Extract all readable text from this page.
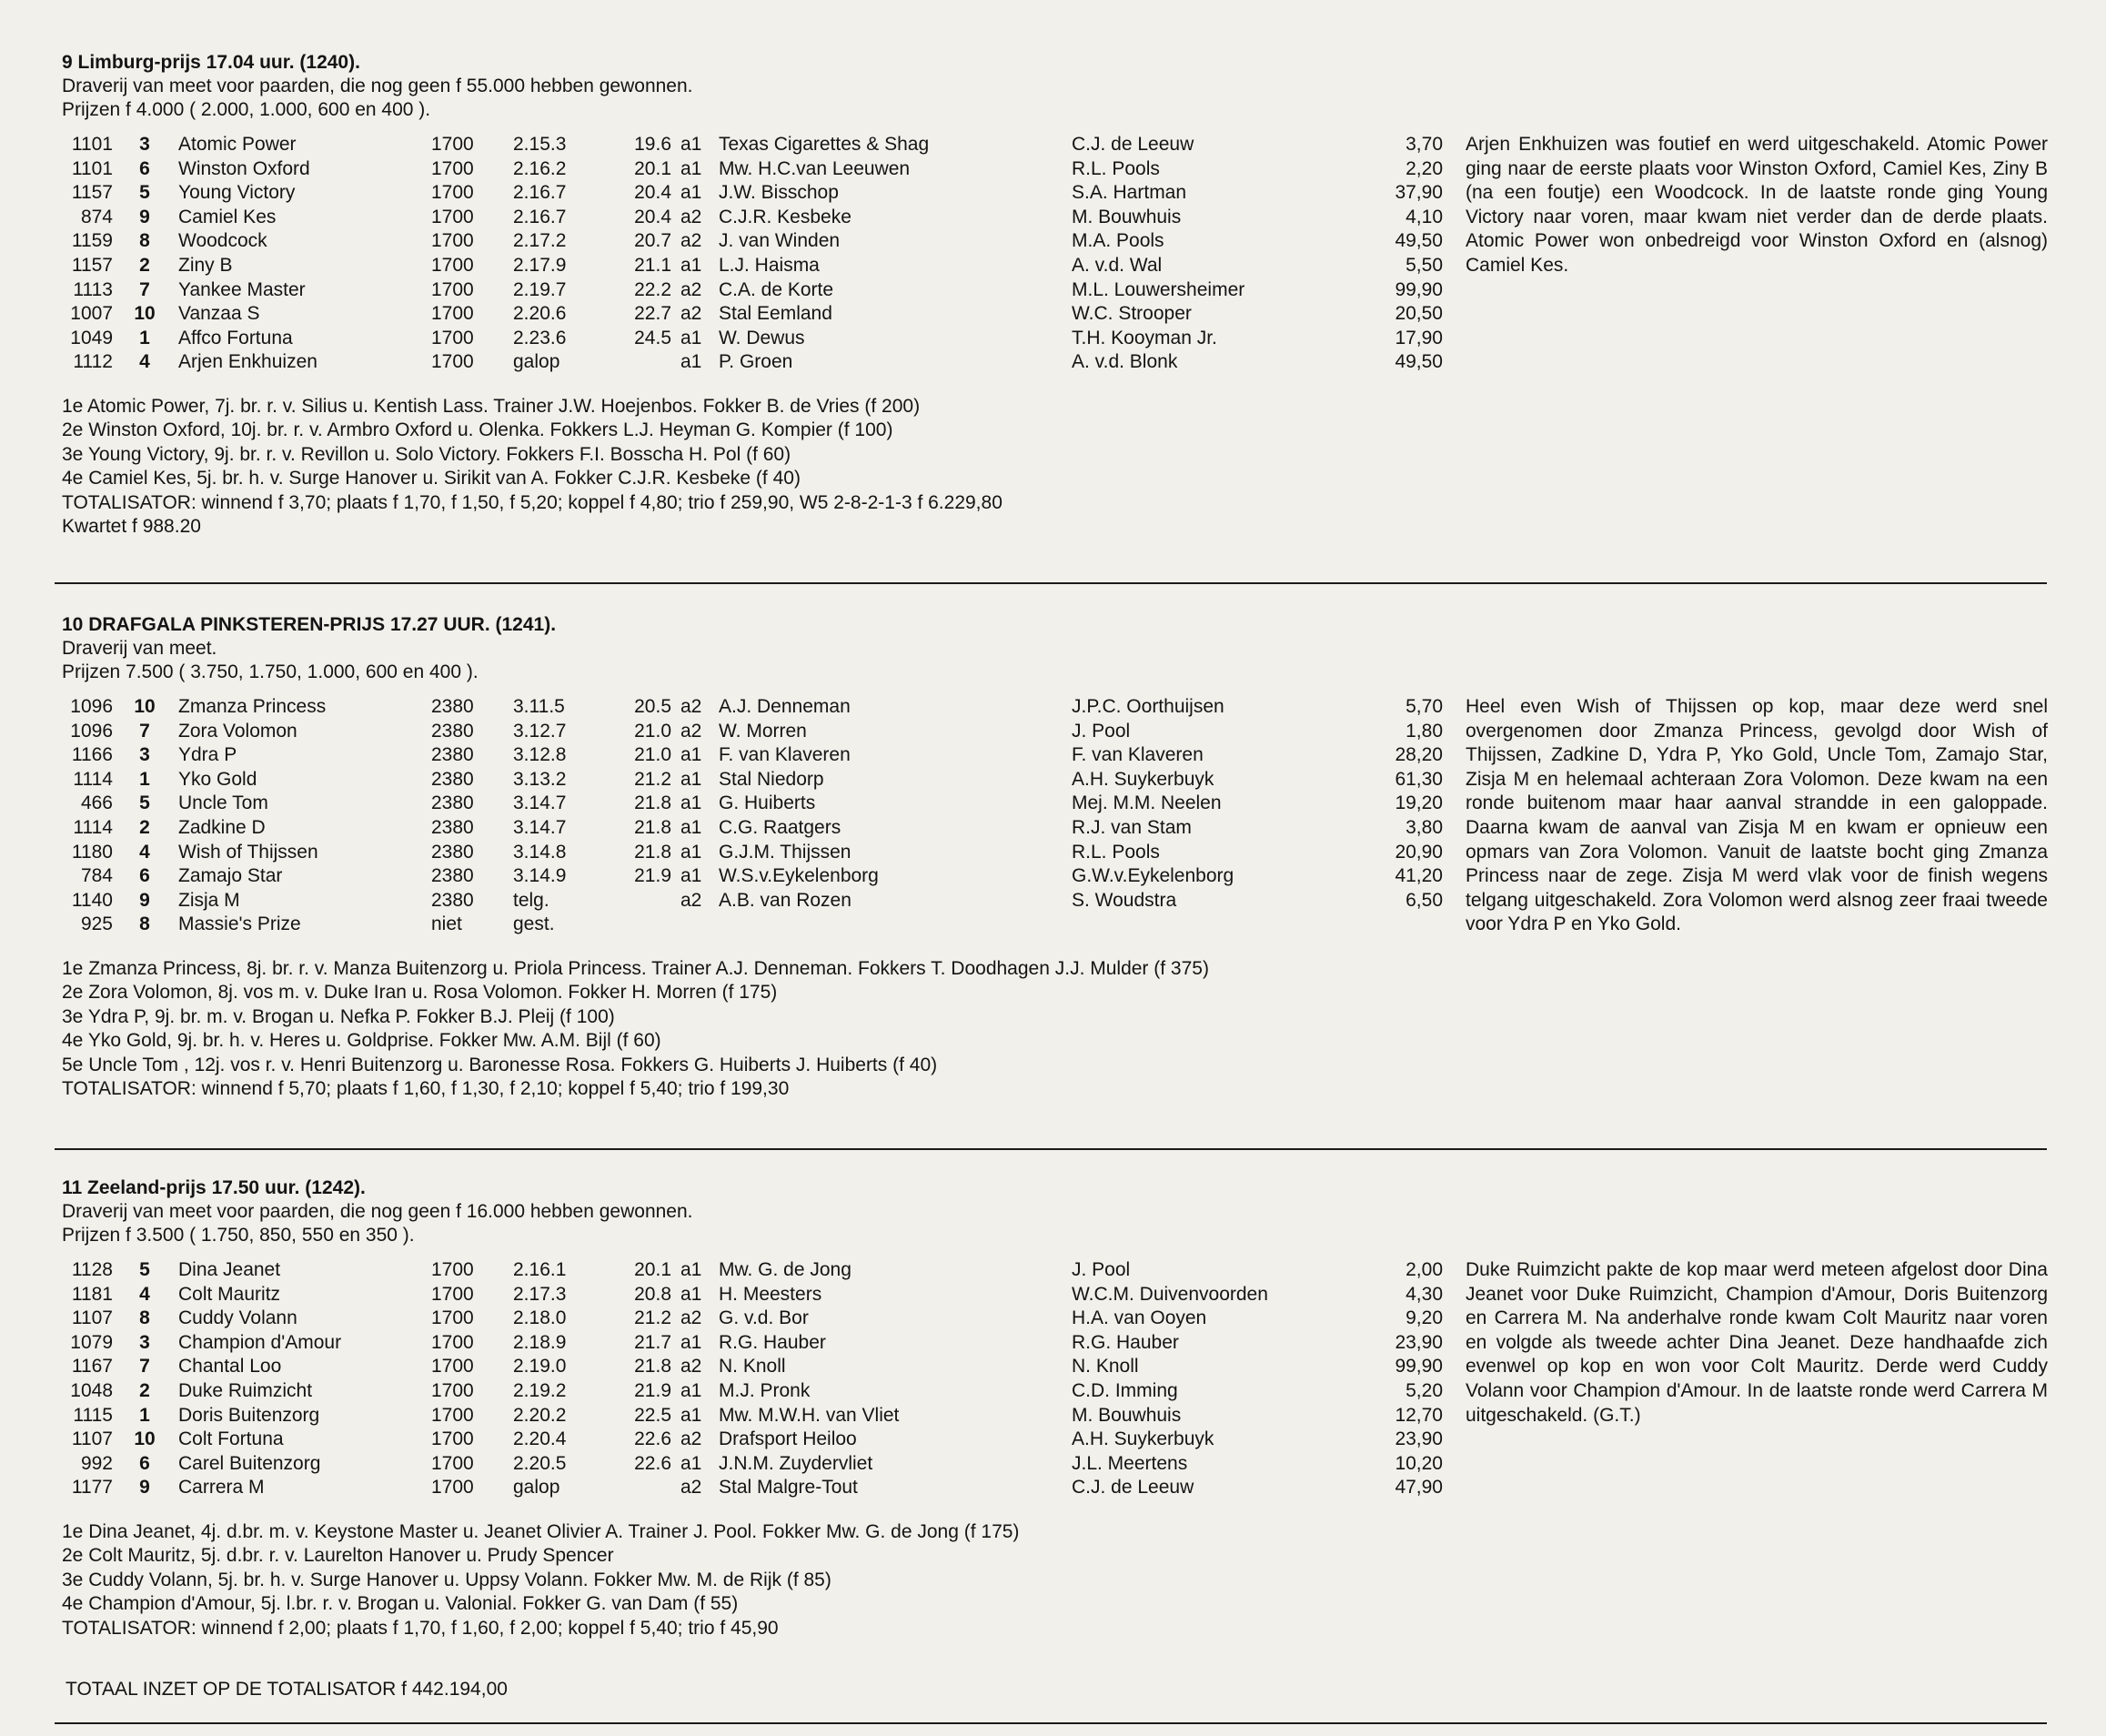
9 Limburg-prijs 17.04 uur. (1240).
Draverij van meet voor paarden, die nog geen f 55.000 hebben gewonnen.
Prijzen f 4.000 ( 2.000, 1.000, 600 en 400 ).
1101	3	Atomic Power	1700 2.15.3	19.6 a1 Texas Cigarettes & Shag	C.J. de Leeuw	3,70
1101	6	Winston Oxford	1700 2.16.2	20.1 a1 Mw. H.C.van Leeuwen	R.L. Pools	2,20
1157	5	Young Victory	1700 2.16.7	20.4 a1 J.W. Bisschop	S.A. Hartman	37,90
874	9	Camiel Kes	1700 2.16.7	20.4 a2 C.J.R. Kesbeke	M. Bouwhuis	4,10
1159	8	Woodcock	1700 2.17.2	20.7 a2 J. van Winden	M.A. Pools	49,50
1157	2	Ziny B	1700 2.17.9	21.1 a1 L.J. Haisma	A. v.d. Wal	5,50
1113	7	Yankee Master	1700 2.19.7	22.2 a2 C.A. de Korte	M.L. Louwersheimer	99,90
1007	10	Vanzaa S	1700 2.20.6	22.7 a2 Stal Eemland	W.C. Strooper	20,50
1049	1	Affco Fortuna	1700 2.23.6	24.5 a1 W. Dewus	T.H. Kooyman Jr.	17,90
1112	4	Arjen Enkhuizen	1700 galop	a1 P. Groen	A. v.d. Blonk	49,50
Arjen Enkhuizen was foutief en werd uitgeschakeld. Atomic Power ging naar de eerste plaats voor Winston Oxford, Camiel Kes, Ziny B (na een foutje) een Woodcock. In de laatste ronde ging Young Victory naar voren, maar kwam niet verder dan de derde plaats. Atomic Power won onbedreigd voor Winston Oxford en (alsnog) Camiel Kes.
1e Atomic Power, 7j. br. r. v. Silius u. Kentish Lass. Trainer J.W. Hoejenbos. Fokker B. de Vries (f 200)
2e Winston Oxford, 10j. br. r. v. Armbro Oxford u. Olenka. Fokkers L.J. Heyman G. Kompier (f 100)
3e Young Victory, 9j. br. r. v. Revillon u. Solo Victory. Fokkers F.I. Bosscha H. Pol (f 60)
4e Camiel Kes, 5j. br. h. v. Surge Hanover u. Sirikit van A. Fokker C.J.R. Kesbeke (f 40)
TOTALISATOR: winnend f 3,70; plaats f 1,70, f 1,50, f 5,20; koppel f 4,80; trio f 259,90, W5 2-8-2-1-3 f 6.229,80
Kwartet f 988.20
10 DRAFGALA PINKSTEREN-PRIJS 17.27 UUR. (1241).
Draverij van meet.
Prijzen 7.500 ( 3.750, 1.750, 1.000, 600 en 400 ).
1096	10	Zmanza Princess	2380 3.11.5	20.5 a2 A.J. Denneman	J.P.C. Oorthuijsen	5,70
1096	7	Zora Volomon	2380 3.12.7	21.0 a2 W. Morren	J. Pool	1,80
1166	3	Ydra P	2380 3.12.8	21.0 a1 F. van Klaveren	F. van Klaveren	28,20
1114	1	Yko Gold	2380 3.13.2	21.2 a1 Stal Niedorp	A.H. Suykerbuyk	61,30
466	5	Uncle Tom	2380 3.14.7	21.8 a1 G. Huiberts	Mej. M.M. Neelen	19,20
1114	2	Zadkine D	2380 3.14.7	21.8 a1 C.G. Raatgers	R.J. van Stam	3,80
1180	4	Wish of Thijssen	2380 3.14.8	21.8 a1 G.J.M. Thijssen	R.L. Pools	20,90
784	6	Zamajo Star	2380 3.14.9	21.9 a1 W.S.v.Eykelenborg	G.W.v.Eykelenborg	41,20
1140	9	Zisja M	2380 telg.	a2 A.B. van Rozen	S. Woudstra	6,50
925	8	Massie's Prize	niet	gest.
Heel even Wish of Thijssen op kop, maar deze werd snel overgenomen door Zmanza Princess, gevolgd door Wish of Thijssen, Zadkine D, Ydra P, Yko Gold, Uncle Tom, Zamajo Star, Zisja M en helemaal achteraan Zora Volomon. Deze kwam na een ronde buitenom maar haar aanval strandde in een galoppade. Daarna kwam de aanval van Zisja M en kwam er opnieuw een opmars van Zora Volomon. Vanuit de laatste bocht ging Zmanza Princess naar de zege. Zisja M werd vlak voor de finish wegens telgang uitgeschakeld. Zora Volomon werd alsnog zeer fraai tweede voor Ydra P en Yko Gold.
1e Zmanza Princess, 8j. br. r. v. Manza Buitenzorg u. Priola Princess. Trainer A.J. Denneman. Fokkers T. Doodhagen J.J. Mulder (f 375)
2e Zora Volomon, 8j. vos m. v. Duke Iran u. Rosa Volomon. Fokker H. Morren (f 175)
3e Ydra P, 9j. br. m. v. Brogan u. Nefka P. Fokker B.J. Pleij (f 100)
4e Yko Gold, 9j. br. h. v. Heres u. Goldprise. Fokker Mw. A.M. Bijl (f 60)
5e Uncle Tom , 12j. vos r. v. Henri Buitenzorg u. Baronesse Rosa. Fokkers G. Huiberts J. Huiberts (f 40)
TOTALISATOR: winnend f 5,70; plaats f 1,60, f 1,30, f 2,10; koppel f 5,40; trio f 199,30
11 Zeeland-prijs 17.50 uur. (1242).
Draverij van meet voor paarden, die nog geen f 16.000 hebben gewonnen.
Prijzen f 3.500 ( 1.750, 850, 550 en 350 ).
1128	5	Dina Jeanet	1700 2.16.1	20.1 a1 Mw. G. de Jong	J. Pool	2,00
1181	4	Colt Mauritz	1700 2.17.3	20.8 a1 H. Meesters	W.C.M. Duivenvoorden	4,30
1107	8	Cuddy Volann	1700 2.18.0	21.2 a2 G. v.d. Bor	H.A. van Ooyen	9,20
1079	3	Champion d'Amour	1700 2.18.9	21.7 a1 R.G. Hauber	R.G. Hauber	23,90
1167	7	Chantal Loo	1700 2.19.0	21.8 a2 N. Knoll	N. Knoll	99,90
1048	2	Duke Ruimzicht	1700 2.19.2	21.9 a1 M.J. Pronk	C.D. Imming	5,20
1115	1	Doris Buitenzorg	1700 2.20.2	22.5 a1 Mw. M.W.H. van Vliet	M. Bouwhuis	12,70
1107	10	Colt Fortuna	1700 2.20.4	22.6 a2 Drafsport Heiloo	A.H. Suykerbuyk	23,90
992	6	Carel Buitenzorg	1700 2.20.5	22.6 a1 J.N.M. Zuydervliet	J.L. Meertens	10,20
1177	9	Carrera M	1700 galop	a2 Stal Malgre-Tout	C.J. de Leeuw	47,90
Duke Ruimzicht pakte de kop maar werd meteen afgelost door Dina Jeanet voor Duke Ruimzicht, Champion d'Amour, Doris Buitenzorg en Carrera M. Na anderhalve ronde kwam Colt Mauritz naar voren en volgde als tweede achter Dina Jeanet. Deze handhaafde zich evenwel op kop en won voor Colt Mauritz. Derde werd Cuddy Volann voor Champion d'Amour. In de laatste ronde werd Carrera M uitgeschakeld. (G.T.)
1e Dina Jeanet, 4j. d.br. m. v. Keystone Master u. Jeanet Olivier A. Trainer J. Pool. Fokker Mw. G. de Jong (f 175)
2e Colt Mauritz, 5j. d.br. r. v. Laurelton Hanover u. Prudy Spencer
3e Cuddy Volann, 5j. br. h. v. Surge Hanover u. Uppsy Volann. Fokker Mw. M. de Rijk (f 85)
4e Champion d'Amour, 5j. l.br. r. v. Brogan u. Valonial. Fokker G. van Dam (f 55)
TOTALISATOR: winnend f 2,00; plaats f 1,70, f 1,60, f 2,00; koppel f 5,40; trio f 45,90
TOTAAL INZET OP DE TOTALISATOR f 442.194,00
